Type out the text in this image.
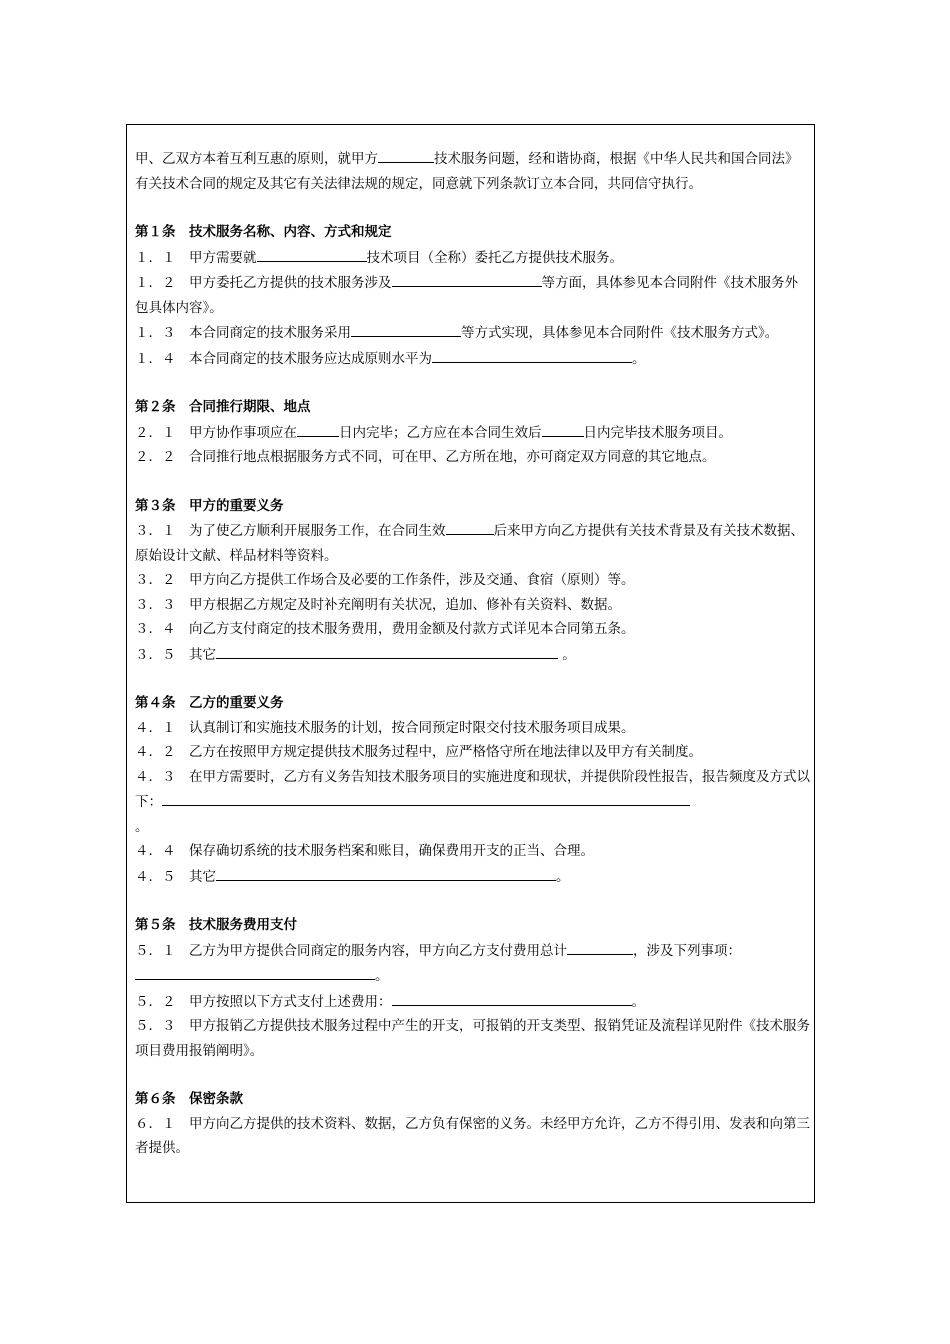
甲、乙双方本着互利互惠的原则，就甲方	技术服务问题，经和谐协商，根据《中华人民共和国合同法》有关技术合同的规定及其它有关法律法规的规定，同意就下列条款订立本合同，共同信守执行。

第１条　技术服务名称、内容、方式和规定

１．１　甲方需要就	技术项目（全称）委托乙方提供技术服务。

１．２　甲方委托乙方提供的技术服务涉及	等方面，具体参见本合同附件《技术服务外包具体内容》。

１．３　本合同商定的技术服务采用	等方式实现，具体参见本合同附件《技术服务方式》。

１．４　本合同商定的技术服务应达成原则水平为	。

第２条　合同推行期限、地点

２．１　甲方协作事项应在	日内完毕；乙方应在本合同生效后	日内完毕技术服务项目。

２．２　合同推行地点根据服务方式不同，可在甲、乙方所在地，亦可商定双方同意的其它地点。

第３条　甲方的重要义务

３．１　为了使乙方顺利开展服务工作，在合同生效	后来甲方向乙方提供有关技术背景及有关技术数据、原始设计文献、样品材料等资料。

３．２　甲方向乙方提供工作场合及必要的工作条件，涉及交通、食宿（原则）等。

３．３　甲方根据乙方规定及时补充阐明有关状况，追加、修补有关资料、数据。

３．４　向乙方支付商定的技术服务费用，费用金额及付款方式详见本合同第五条。

３．５　其它	。

第４条　乙方的重要义务

４．１　认真制订和实施技术服务的计划，按合同预定时限交付技术服务项目成果。

４．２　乙方在按照甲方规定提供技术服务过程中，应严格恪守所在地法律以及甲方有关制度。

４．３　在甲方需要时，乙方有义务告知技术服务项目的实施进度和现状，并提供阶段性报告，报告频度及方式以下：
。

４．４　保存确切系统的技术服务档案和账目，确保费用开支的正当、合理。

４．５　其它	。

第５条　技术服务费用支付

５．１　乙方为甲方提供合同商定的服务内容，甲方向乙方支付费用总计	，涉及下列事项：。

５．２　甲方按照以下方式支付上述费用：	。

５．３　甲方报销乙方提供技术服务过程中产生的开支，可报销的开支类型、报销凭证及流程详见附件《技术服务项目费用报销阐明》。

第６条　保密条款

６．１　甲方向乙方提供的技术资料、数据，乙方负有保密的义务。未经甲方允许，乙方不得引用、发表和向第三者提供。
